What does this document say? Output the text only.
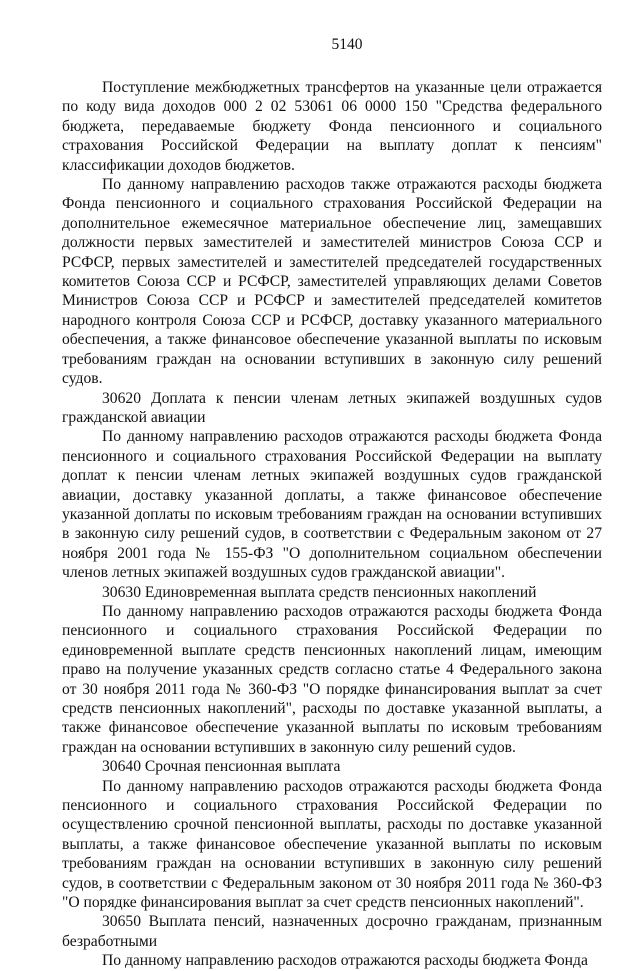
5140

Поступление межбюджетных трансфертов на указанные цели отражается по коду вида доходов 000 2 02 53061 06 0000 150 "Средства федерального бюджета, передаваемые бюджету Фонда пенсионного и социального страхования Российской Федерации на выплату доплат к пенсиям" классификации доходов бюджетов.

По данному направлению расходов также отражаются расходы бюджета Фонда пенсионного и социального страхования Российской Федерации на дополнительное ежемесячное материальное обеспечение лиц, замещавших должности первых заместителей и заместителей министров Союза ССР и РСФСР, первых заместителей и заместителей председателей государственных комитетов Союза ССР и РСФСР, заместителей управляющих делами Советов Министров Союза ССР и РСФСР и заместителей председателей комитетов народного контроля Союза ССР и РСФСР, доставку указанного материального обеспечения, а также финансовое обеспечение указанной выплаты по исковым требованиям граждан на основании вступивших в законную силу решений судов.

30620 Доплата к пенсии членам летных экипажей воздушных судов гражданской авиации

По данному направлению расходов отражаются расходы бюджета Фонда пенсионного и социального страхования Российской Федерации на выплату доплат к пенсии членам летных экипажей воздушных судов гражданской авиации, доставку указанной доплаты, а также финансовое обеспечение указанной доплаты по исковым требованиям граждан на основании вступивших в законную силу решений судов, в соответствии с Федеральным законом от 27 ноября 2001 года № 155-ФЗ "О дополнительном социальном обеспечении членов летных экипажей воздушных судов гражданской авиации".

30630 Единовременная выплата средств пенсионных накоплений

По данному направлению расходов отражаются расходы бюджета Фонда пенсионного и социального страхования Российской Федерации по единовременной выплате средств пенсионных накоплений лицам, имеющим право на получение указанных средств согласно статье 4 Федерального закона от 30 ноября 2011 года № 360-ФЗ "О порядке финансирования выплат за счет средств пенсионных накоплений", расходы по доставке указанной выплаты, а также финансовое обеспечение указанной выплаты по исковым требованиям граждан на основании вступивших в законную силу решений судов.

30640 Срочная пенсионная выплата

По данному направлению расходов отражаются расходы бюджета Фонда пенсионного и социального страхования Российской Федерации по осуществлению срочной пенсионной выплаты, расходы по доставке указанной выплаты, а также финансовое обеспечение указанной выплаты по исковым требованиям граждан на основании вступивших в законную силу решений судов, в соответствии с Федеральным законом от 30 ноября 2011 года № 360-ФЗ "О порядке финансирования выплат за счет средств пенсионных накоплений".

30650 Выплата пенсий, назначенных досрочно гражданам, признанным безработными

По данному направлению расходов отражаются расходы бюджета Фонда
